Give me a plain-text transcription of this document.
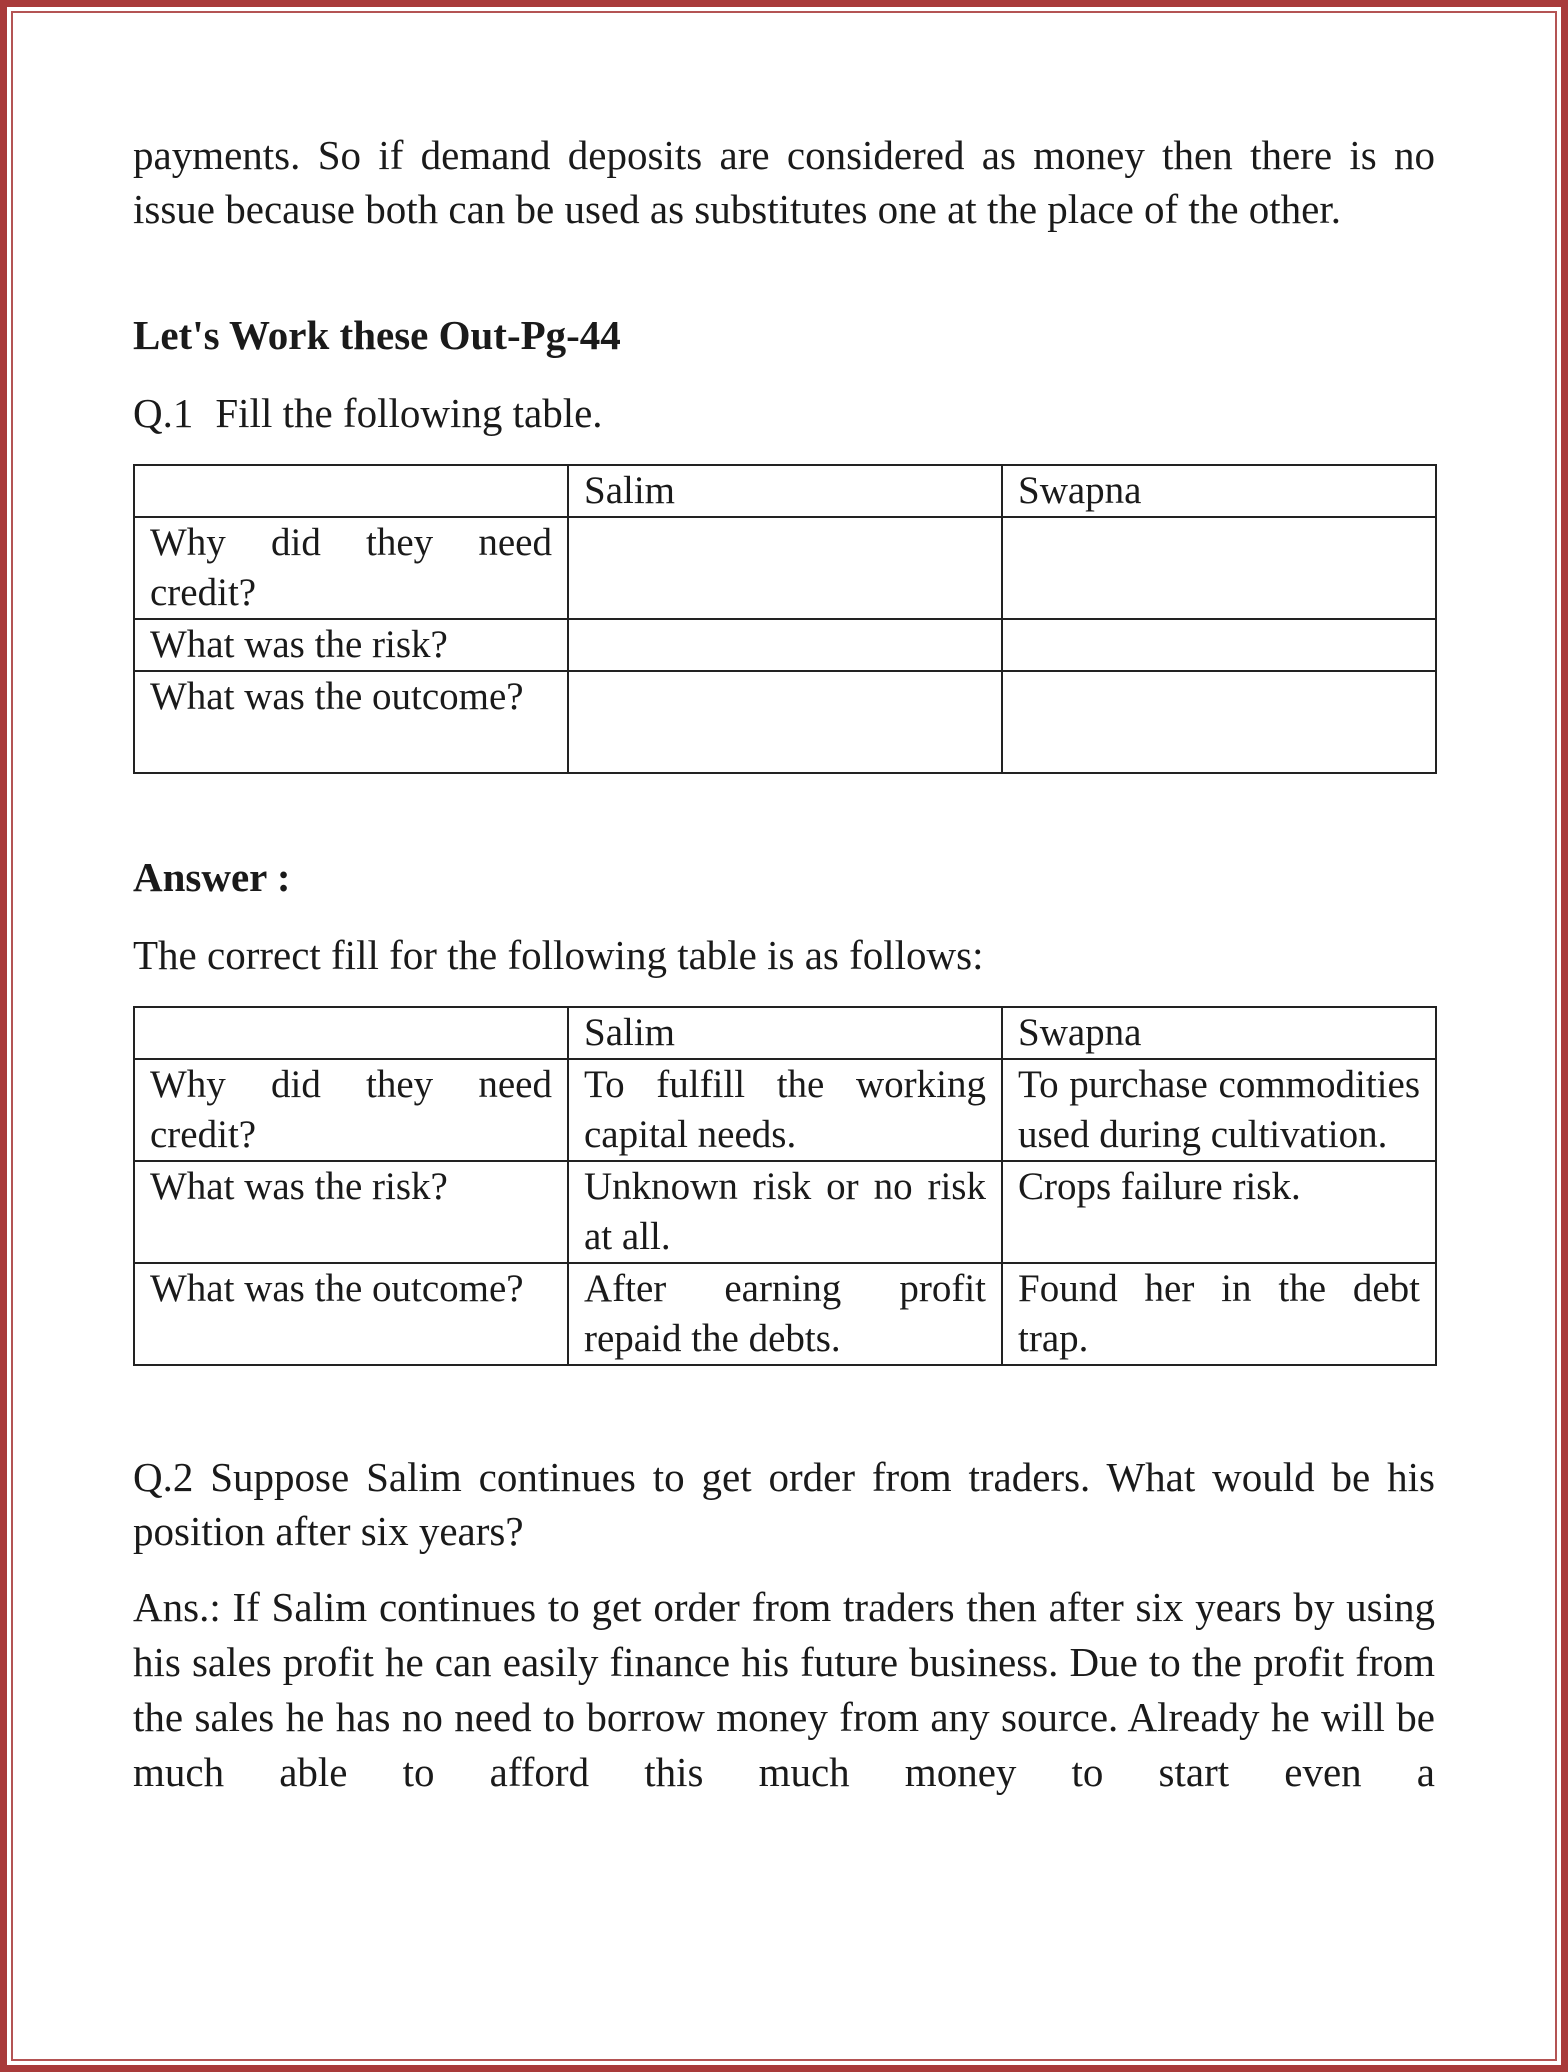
payments. So if demand deposits are considered as money then there is no issue because both can be used as substitutes one at the place of the other.

Let's Work these Out-Pg-44

Q.1 Fill the following table.

	Salim	Swapna
Why did they need credit?		
What was the risk?		
What was the outcome?		

Answer :

The correct fill for the following table is as follows:

	Salim	Swapna
Why did they need credit?	To fulfill the working capital needs.	To purchase commodities used during cultivation.
What was the risk?	Unknown risk or no risk at all.	Crops failure risk.
What was the outcome?	After earning profit repaid the debts.	Found her in the debt trap.

Q.2 Suppose Salim continues to get order from traders. What would be his position after six years?

Ans.: If Salim continues to get order from traders then after six years by using his sales profit he can easily finance his future business. Due to the profit from the sales he has no need to borrow money from any source. Already he will be much able to afford this much money to start even a
